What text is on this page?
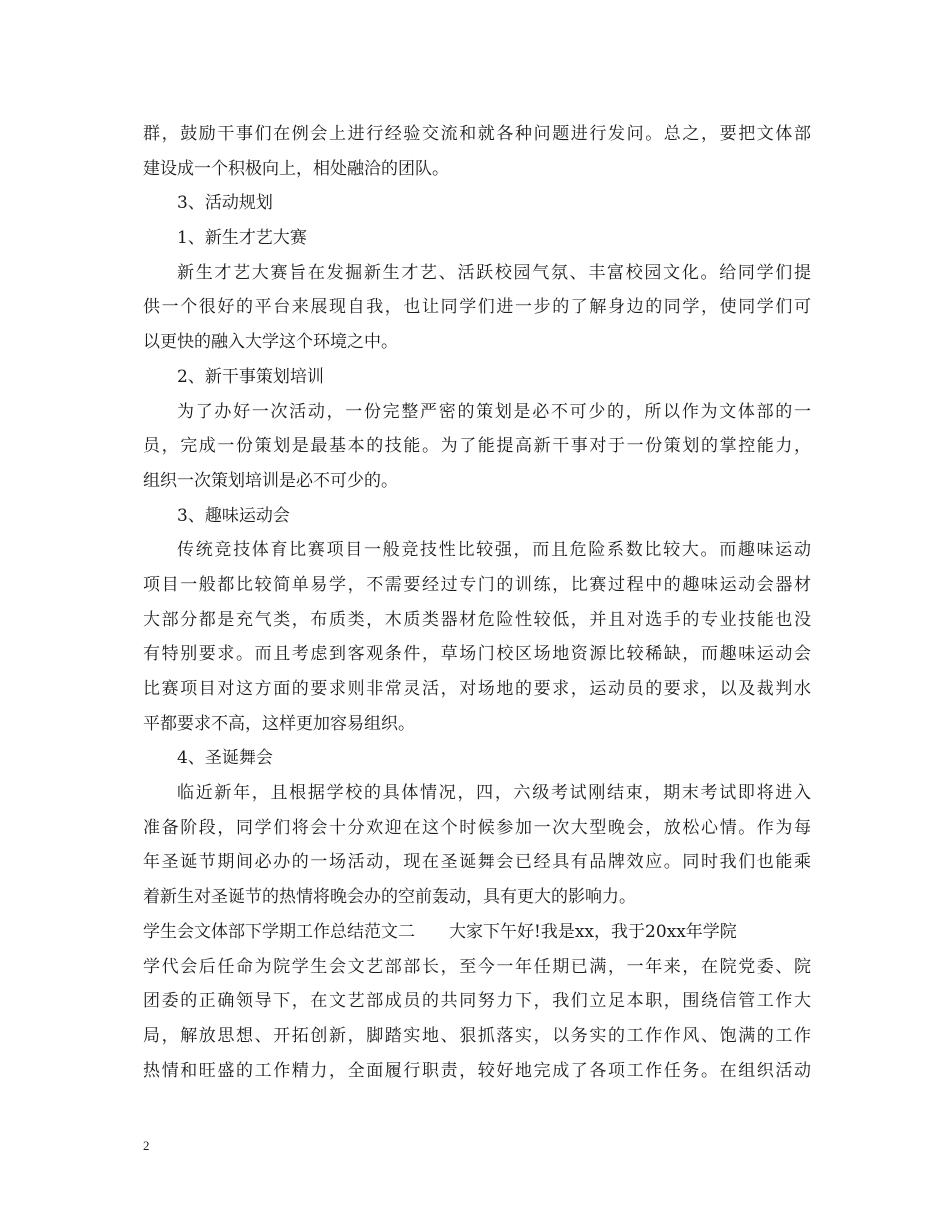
群，鼓励干事们在例会上进行经验交流和就各种问题进行发问。总之，要把文体部
建设成一个积极向上，相处融洽的团队。
3、活动规划
1、新生才艺大赛
新生才艺大赛旨在发掘新生才艺、活跃校园气氛、丰富校园文化。给同学们提
供一个很好的平台来展现自我，也让同学们进一步的了解身边的同学，使同学们可
以更快的融入大学这个环境之中。
2、新干事策划培训
为了办好一次活动，一份完整严密的策划是必不可少的，所以作为文体部的一
员，完成一份策划是最基本的技能。为了能提高新干事对于一份策划的掌控能力，
组织一次策划培训是必不可少的。
3、趣味运动会
传统竞技体育比赛项目一般竞技性比较强，而且危险系数比较大。而趣味运动
项目一般都比较简单易学，不需要经过专门的训练，比赛过程中的趣味运动会器材
大部分都是充气类，布质类，木质类器材危险性较低，并且对选手的专业技能也没
有特别要求。而且考虑到客观条件，草场门校区场地资源比较稀缺，而趣味运动会
比赛项目对这方面的要求则非常灵活，对场地的要求，运动员的要求，以及裁判水
平都要求不高，这样更加容易组织。
4、圣诞舞会
临近新年，且根据学校的具体情况，四，六级考试刚结束，期末考试即将进入
准备阶段，同学们将会十分欢迎在这个时候参加一次大型晚会，放松心情。作为每
年圣诞节期间必办的一场活动，现在圣诞舞会已经具有品牌效应。同时我们也能乘
着新生对圣诞节的热情将晚会办的空前轰动，具有更大的影响力。
学生会文体部下学期工作总结范文二　　大家下午好!我是xx，我于20xx年学院
学代会后任命为院学生会文艺部部长，至今一年任期已满，一年来，在院党委、院
团委的正确领导下，在文艺部成员的共同努力下，我们立足本职，围绕信管工作大
局，解放思想、开拓创新，脚踏实地、狠抓落实，以务实的工作作风、饱满的工作
热情和旺盛的工作精力，全面履行职责，较好地完成了各项工作任务。在组织活动
2
